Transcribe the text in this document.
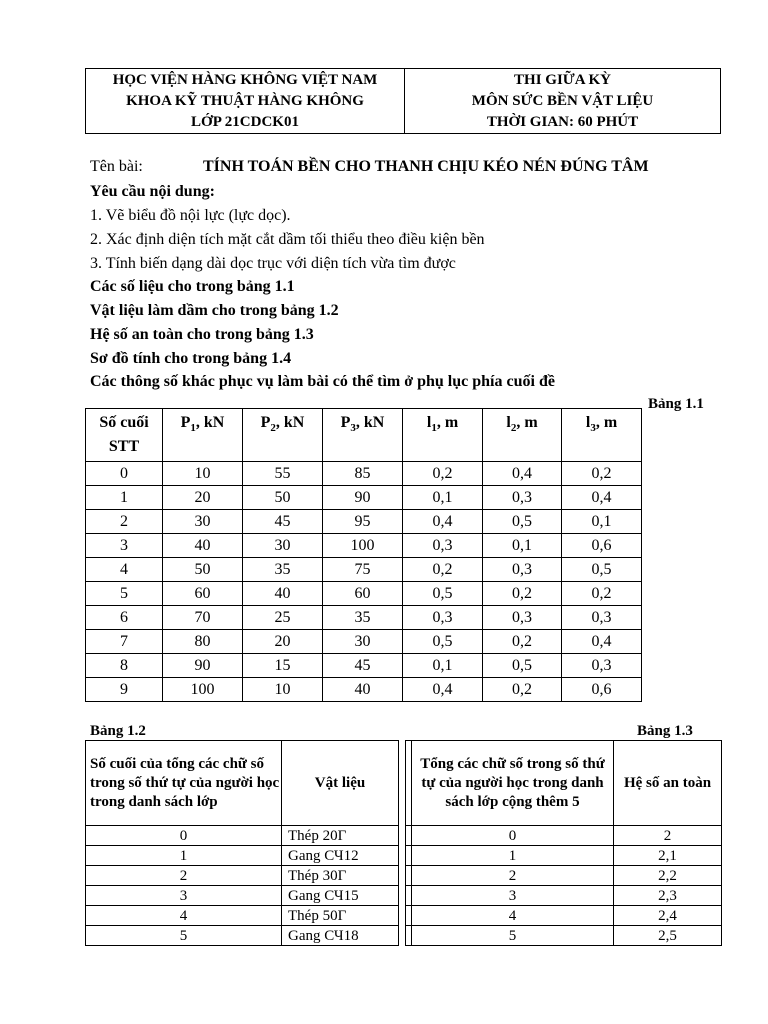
HỌC VIỆN HÀNG KHÔNG VIỆT NAM
KHOA KỸ THUẬT HÀNG KHÔNG
LỚP 21CDCK01
THI GIỮA KỲ
MÔN SỨC BỀN VẬT LIỆU
THỜI GIAN: 60 PHÚT
Tên bài:	TÍNH TOÁN BỀN CHO THANH CHỊU KÉO NÉN ĐÚNG TÂM
Yêu cầu nội dung:
1. Vẽ biểu đồ nội lực (lực dọc).
2. Xác định diện tích mặt cắt dầm tối thiểu theo điều kiện bền
3. Tính biến dạng dài dọc trục với diện tích vừa tìm được
Các số liệu cho trong bảng 1.1
Vật liệu làm dầm cho trong bảng 1.2
Hệ số an toàn cho trong bảng 1.3
Sơ đồ tính cho trong bảng 1.4
Các thông số khác phục vụ làm bài có thể tìm ở phụ lục phía cuối đề
Bảng 1.1
Số cuối
STT	$P_1$, kN	$P_2$, kN	$P_3$, kN	$l_1$, m	$l_2$, m	$l_3$, m
0	10	55	85	0,2	0,4	0,2
1	20	50	90	0,1	0,3	0,4
2	30	45	95	0,4	0,5	0,1
3	40	30	100	0,3	0,1	0,6
4	50	35	75	0,2	0,3	0,5
5	60	40	60	0,5	0,2	0,2
6	70	25	35	0,3	0,3	0,3
7	80	20	30	0,5	0,2	0,4
8	90	15	45	0,1	0,5	0,3
9	100	10	40	0,4	0,2	0,6
Bảng 1.2	Bảng 1.3
Số cuối của tổng các chữ số trong số thứ tự của người học trong danh sách lớp	Vật liệu
0	Thép 20Г
1	Gang СЧ12
2	Thép 30Г
3	Gang СЧ15
4	Thép 50Г
5	Gang СЧ18
	Tổng các chữ số trong số thứ tự của người học trong danh sách lớp cộng thêm 5	Hệ số an toàn
	0	2
	1	2,1
	2	2,2
	3	2,3
	4	2,4
	5	2,5
